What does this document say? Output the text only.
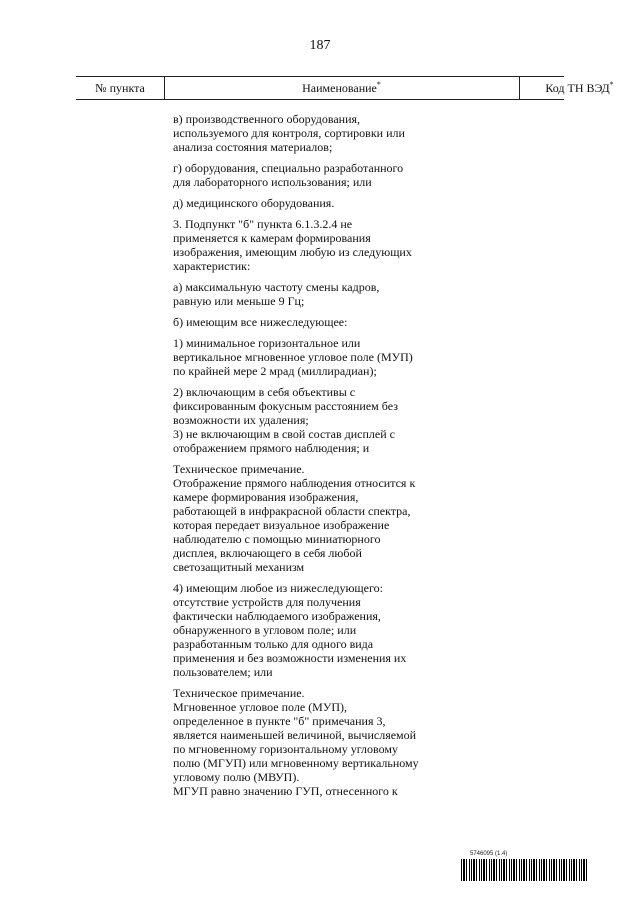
187
№ пункта	Наименование*	Код ТН ВЭД*

в) производственного оборудования,
используемого для контроля, сортировки или
анализа состояния материалов;

г) оборудования, специально разработанного
для лабораторного использования; или

д) медицинского оборудования.

3. Подпункт "б" пункта 6.1.3.2.4 не
применяется к камерам формирования
изображения, имеющим любую из следующих
характеристик:

а) максимальную частоту смены кадров,
равную или меньше 9 Гц;

б) имеющим все нижеследующее:

1) минимальное горизонтальное или
вертикальное мгновенное угловое поле (МУП)
по крайней мере 2 мрад (миллирадиан);

2) включающим в себя объективы с
фиксированным фокусным расстоянием без
возможности их удаления;

3) не включающим в свой состав дисплей с
отображением прямого наблюдения; и

Техническое примечание.
Отображение прямого наблюдения относится к
камере формирования изображения,
работающей в инфракрасной области спектра,
которая передает визуальное изображение
наблюдателю с помощью миниатюрного
дисплея, включающего в себя любой
светозащитный механизм

4) имеющим любое из нижеследующего:
отсутствие устройств для получения
фактически наблюдаемого изображения,
обнаруженного в угловом поле; или
разработанным только для одного вида
применения и без возможности изменения их
пользователем; или

Техническое примечание.
Мгновенное угловое поле (МУП),
определенное в пункте "б" примечания 3,
является наименьшей величиной, вычисляемой
по мгновенному горизонтальному угловому
полю (МГУП) или мгновенному вертикальному
угловому полю (МВУП).
МГУП равно значению ГУП, отнесенного к

5746095 (1.4)
